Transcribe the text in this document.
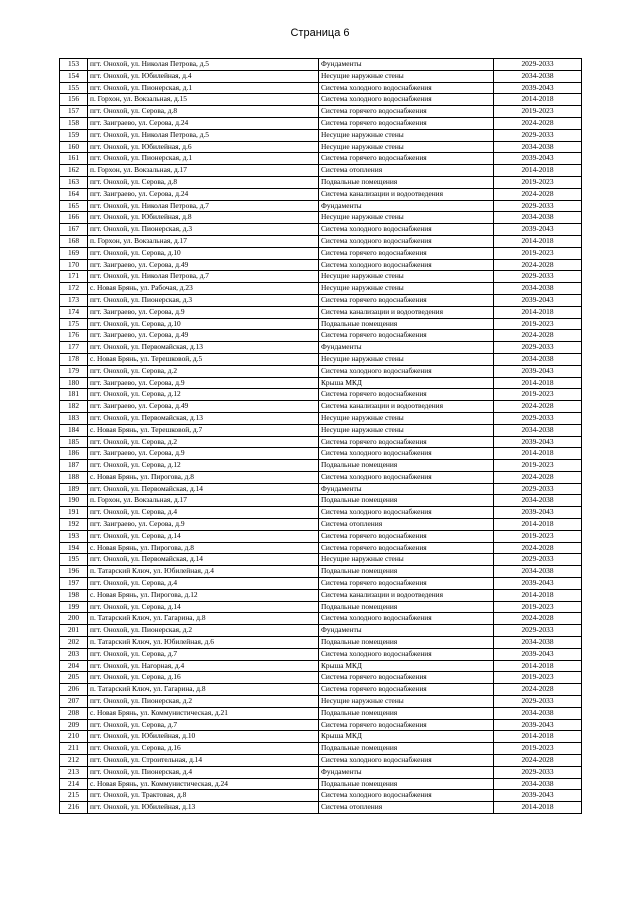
Страница 6
153	пгт. Онохой, ул. Николая Петрова, д.5	Фундаменты	2029-2033
154	пгт. Онохой, ул. Юбилейная, д.4	Несущие наружные стены	2034-2038
155	пгт. Онохой, ул. Пионерская, д.1	Система холодного водоснабжения	2039-2043
156	п. Горхон, ул. Вокзальная, д.15	Система холодного водоснабжения	2014-2018
157	пгт. Онохой, ул. Серова, д.8	Система горячего водоснабжения	2019-2023
158	пгт. Заиграево, ул. Серова, д.24	Система горячего водоснабжения	2024-2028
159	пгт. Онохой, ул. Николая Петрова, д.5	Несущие наружные стены	2029-2033
160	пгт. Онохой, ул. Юбилейная, д.6	Несущие наружные стены	2034-2038
161	пгт. Онохой, ул. Пионерская, д.1	Система горячего водоснабжения	2039-2043
162	п. Горхон, ул. Вокзальная, д.17	Система отопления	2014-2018
163	пгт. Онохой, ул. Серова, д.8	Подвальные помещения	2019-2023
164	пгт. Заиграево, ул. Серова, д.24	Система канализации и водоотведения	2024-2028
165	пгт. Онохой, ул. Николая Петрова, д.7	Фундаменты	2029-2033
166	пгт. Онохой, ул. Юбилейная, д.8	Несущие наружные стены	2034-2038
167	пгт. Онохой, ул. Пионерская, д.3	Система холодного водоснабжения	2039-2043
168	п. Горхон, ул. Вокзальная, д.17	Система холодного водоснабжения	2014-2018
169	пгт. Онохой, ул. Серова, д.10	Система горячего водоснабжения	2019-2023
170	пгт. Заиграево, ул. Серова, д.49	Система холодного водоснабжения	2024-2028
171	пгт. Онохой, ул. Николая Петрова, д.7	Несущие наружные стены	2029-2033
172	с. Новая Брянь, ул. Рабочая, д.23	Несущие наружные стены	2034-2038
173	пгт. Онохой, ул. Пионерская, д.3	Система горячего водоснабжения	2039-2043
174	пгт. Заиграево, ул. Серова, д.9	Система канализации и водоотведения	2014-2018
175	пгт. Онохой, ул. Серова, д.10	Подвальные помещения	2019-2023
176	пгт. Заиграево, ул. Серова, д.49	Система горячего водоснабжения	2024-2028
177	пгт. Онохой, ул. Первомайская, д.13	Фундаменты	2029-2033
178	с. Новая Брянь, ул. Терешковой, д.5	Несущие наружные стены	2034-2038
179	пгт. Онохой, ул. Серова, д.2	Система холодного водоснабжения	2039-2043
180	пгт. Заиграево, ул. Серова, д.9	Крыша МКД	2014-2018
181	пгт. Онохой, ул. Серова, д.12	Система горячего водоснабжения	2019-2023
182	пгт. Заиграево, ул. Серова, д.49	Система канализации и водоотведения	2024-2028
183	пгт. Онохой, ул. Первомайская, д.13	Несущие наружные стены	2029-2033
184	с. Новая Брянь, ул. Терешковой, д.7	Несущие наружные стены	2034-2038
185	пгт. Онохой, ул. Серова, д.2	Система горячего водоснабжения	2039-2043
186	пгт. Заиграево, ул. Серова, д.9	Система холодного водоснабжения	2014-2018
187	пгт. Онохой, ул. Серова, д.12	Подвальные помещения	2019-2023
188	с. Новая Брянь, ул. Пирогова, д.8	Система холодного водоснабжения	2024-2028
189	пгт. Онохой, ул. Первомайская, д.14	Фундаменты	2029-2033
190	п. Горхон, ул. Вокзальная, д.17	Подвальные помещения	2034-2038
191	пгт. Онохой, ул. Серова, д.4	Система холодного водоснабжения	2039-2043
192	пгт. Заиграево, ул. Серова, д.9	Система отопления	2014-2018
193	пгт. Онохой, ул. Серова, д.14	Система горячего водоснабжения	2019-2023
194	с. Новая Брянь, ул. Пирогова, д.8	Система горячего водоснабжения	2024-2028
195	пгт. Онохой, ул. Первомайская, д.14	Несущие наружные стены	2029-2033
196	п. Татарский Ключ, ул. Юбилейная, д.4	Подвальные помещения	2034-2038
197	пгт. Онохой, ул. Серова, д.4	Система горячего водоснабжения	2039-2043
198	с. Новая Брянь, ул. Пирогова, д.12	Система канализации и водоотведения	2014-2018
199	пгт. Онохой, ул. Серова, д.14	Подвальные помещения	2019-2023
200	п. Татарский Ключ, ул. Гагарина, д.8	Система холодного водоснабжения	2024-2028
201	пгт. Онохой, ул. Пионерская, д.2	Фундаменты	2029-2033
202	п. Татарский Ключ, ул. Юбилейная, д.6	Подвальные помещения	2034-2038
203	пгт. Онохой, ул. Серова, д.7	Система холодного водоснабжения	2039-2043
204	пгт. Онохой, ул. Нагорная, д.4	Крыша МКД	2014-2018
205	пгт. Онохой, ул. Серова, д.16	Система горячего водоснабжения	2019-2023
206	п. Татарский Ключ, ул. Гагарина, д.8	Система горячего водоснабжения	2024-2028
207	пгт. Онохой, ул. Пионерская, д.2	Несущие наружные стены	2029-2033
208	с. Новая Брянь, ул. Коммунистическая, д.21	Подвальные помещения	2034-2038
209	пгт. Онохой, ул. Серова, д.7	Система горячего водоснабжения	2039-2043
210	пгт. Онохой, ул. Юбилейная, д.10	Крыша МКД	2014-2018
211	пгт. Онохой, ул. Серова, д.16	Подвальные помещения	2019-2023
212	пгт. Онохой, ул. Строительная, д.14	Система холодного водоснабжения	2024-2028
213	пгт. Онохой, ул. Пионерская, д.4	Фундаменты	2029-2033
214	с. Новая Брянь, ул. Коммунистическая, д.24	Подвальные помещения	2034-2038
215	пгт. Онохой, ул. Трактовая, д.8	Система холодного водоснабжения	2039-2043
216	пгт. Онохой, ул. Юбилейная, д.13	Система отопления	2014-2018
